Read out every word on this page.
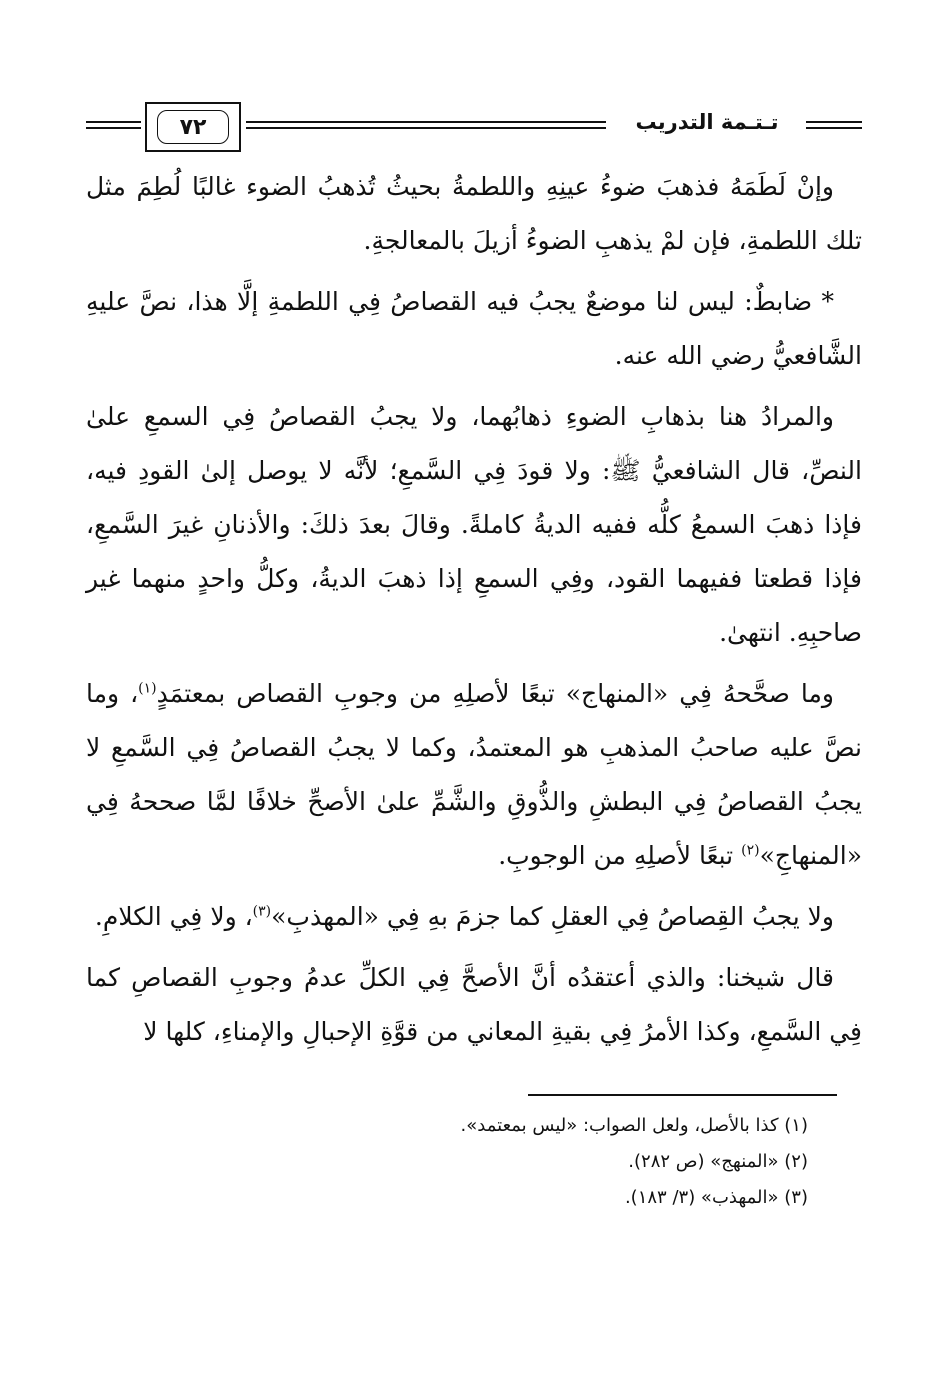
٧٢	تـتـمة التدريب

وإنْ لَطَمَهُ فذهبَ ضوءُ عينِهِ واللطمةُ بحيثُ تُذهبُ الضوء غالبًا لُطِمَ مثل تلك اللطمةِ، فإن لمْ يذهبِ الضوءُ أزيلَ بالمعالجةِ.

* ضابطٌ: ليس لنا موضعٌ يجبُ فيه القصاصُ فِي اللطمةِ إلَّا هذا، نصَّ عليهِ الشَّافعيُّ رضي الله عنه.

والمرادُ هنا بذهابِ الضوءِ ذهابُهما، ولا يجبُ القصاصُ فِي السمعِ علىٰ النصِّ، قال الشافعيُّ ﷺ: ولا قودَ فِي السَّمعِ؛ لأنَّه لا يوصل إلىٰ القودِ فيه، فإذا ذهبَ السمعُ كلُّه ففيه الديةُ كاملةً. وقالَ بعدَ ذلكَ: والأذنانِ غيرَ السَّمعِ، فإذا قطعتا ففيهما القود، وفِي السمعِ إذا ذهبَ الديةُ، وكلُّ واحدٍ منهما غير صاحبِهِ. انتهىٰ.

وما صحَّحهُ فِي «المنهاج» تبعًا لأصلِهِ من وجوبِ القصاص بمعتمَدٍ$^{(١)}$، وما نصَّ عليه صاحبُ المذهبِ هو المعتمدُ، وكما لا يجبُ القصاصُ فِي السَّمعِ لا يجبُ القصاصُ فِي البطشِ والذُّوقِ والشَّمِّ علىٰ الأصحِّ خلافًا لمَّا صححهُ فِي «المنهاجِ»$^{(٢)}$ تبعًا لأصلِهِ من الوجوبِ.

ولا يجبُ القِصاصُ فِي العقلِ كما جزمَ بهِ فِي «المهذبِ»$^{(٣)}$، ولا فِي الكلامِ.

قال شيخنا: والذي أعتقدُه أنَّ الأصحَّ فِي الكلِّ عدمُ وجوبِ القصاصِ كما فِي السَّمعِ، وكذا الأمرُ فِي بقيةِ المعاني من قوَّةِ الإحبالِ والإمناءِ، كلها لا

(١) كذا بالأصل، ولعل الصواب: «ليس بمعتمد».
(٢) «المنهج» (ص ٢٨٢).
(٣) «المهذب» (٣/ ١٨٣).
